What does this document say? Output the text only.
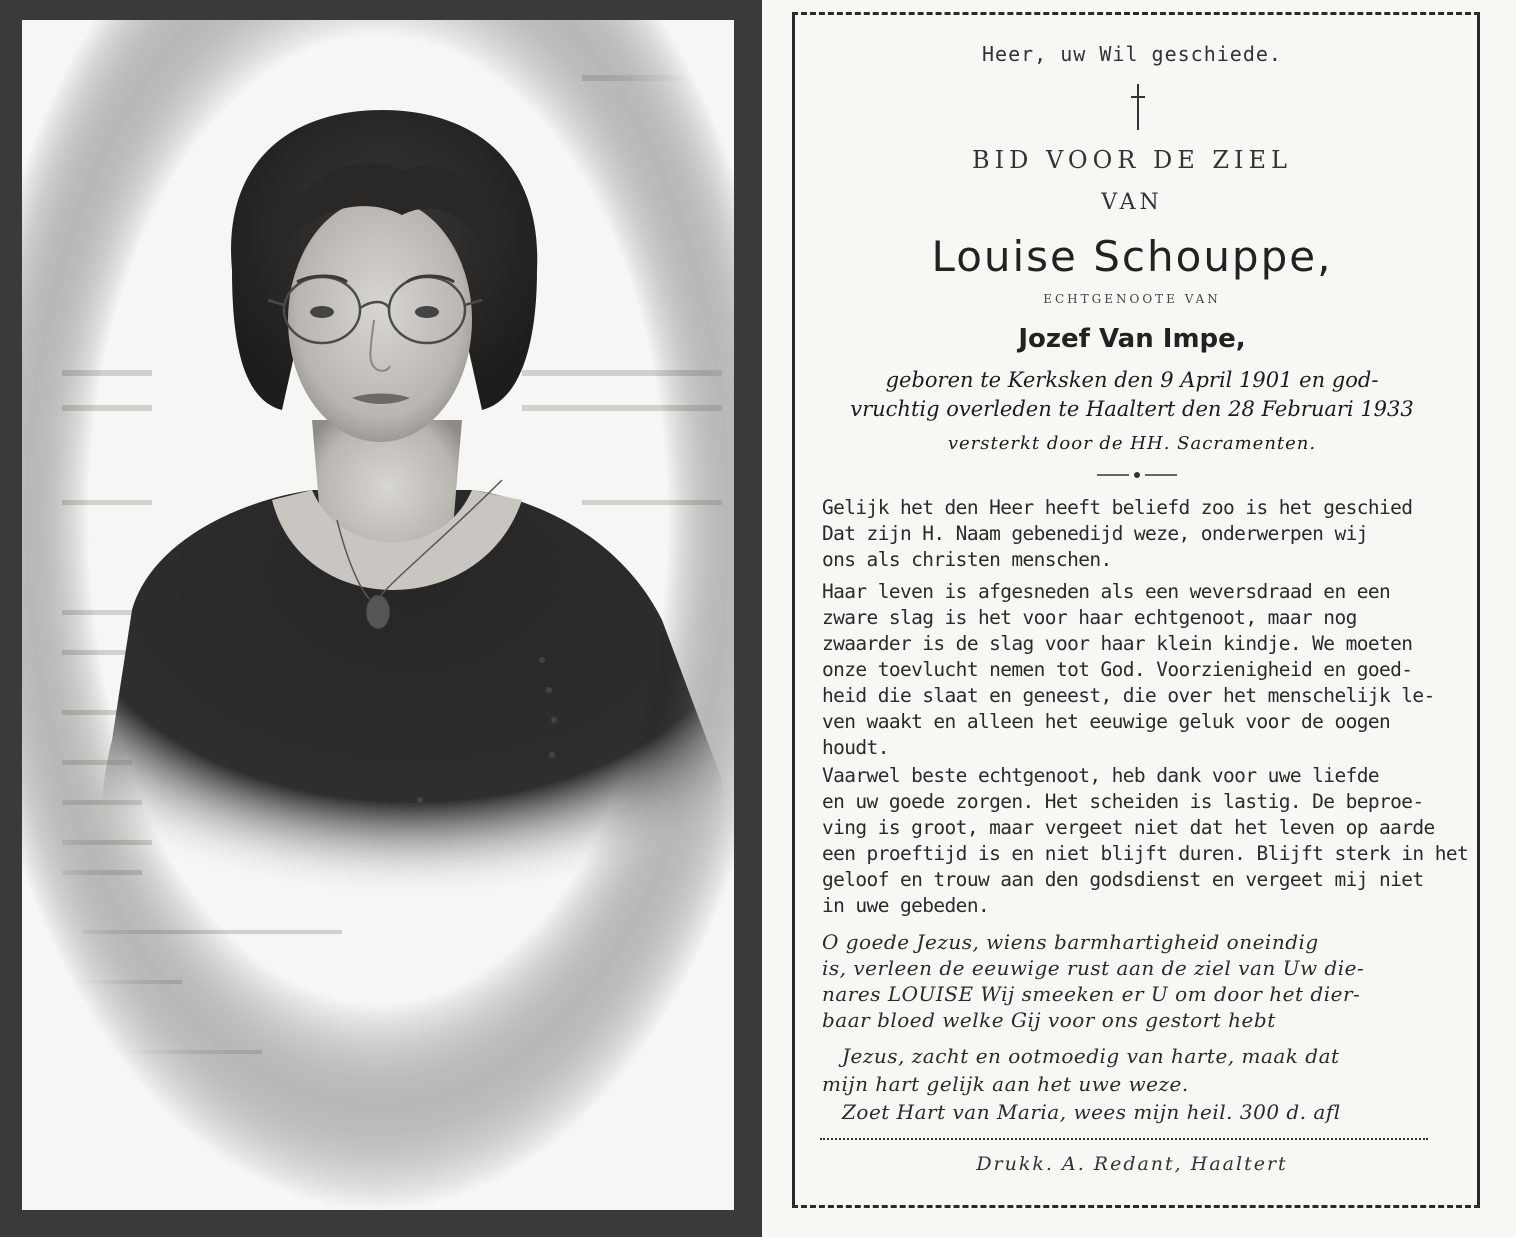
Heer, uw Wil geschiede.
BID VOOR DE ZIEL
VAN
Louise Schouppe,
ECHTGENOOTE VAN
Jozef Van Impe,
geboren te Kerksken den 9 April 1901 en god-
vruchtig overleden te Haaltert den 28 Februari 1933
versterkt door de HH. Sacramenten.
Gelijk het den Heer heeft beliefd zoo is het geschied
Dat zijn H. Naam gebenedijd weze, onderwerpen wij
ons als christen menschen.
Haar leven is afgesneden als een weversdraad en een
zware slag is het voor haar echtgenoot, maar nog
zwaarder is de slag voor haar klein kindje. We moeten
onze toevlucht nemen tot God. Voorzienigheid en goed-
heid die slaat en geneest, die over het menschelijk le-
ven waakt en alleen het eeuwige geluk voor de oogen
houdt.
Vaarwel beste echtgenoot, heb dank voor uwe liefde
en uw goede zorgen. Het scheiden is lastig. De beproe-
ving is groot, maar vergeet niet dat het leven op aarde
een proeftijd is en niet blijft duren. Blijft sterk in het
geloof en trouw aan den godsdienst en vergeet mij niet
in uwe gebeden.
O goede Jezus, wiens barmhartigheid oneindig
is, verleen de eeuwige rust aan de ziel van Uw die-
nares LOUISE Wij smeeken er U om door het dier-
baar bloed welke Gij voor ons gestort hebt
Jezus, zacht en ootmoedig van harte, maak dat
mijn hart gelijk aan het uwe weze.
Zoet Hart van Maria, wees mijn heil. 300 d. afl
Drukk. A. Redant, Haaltert
